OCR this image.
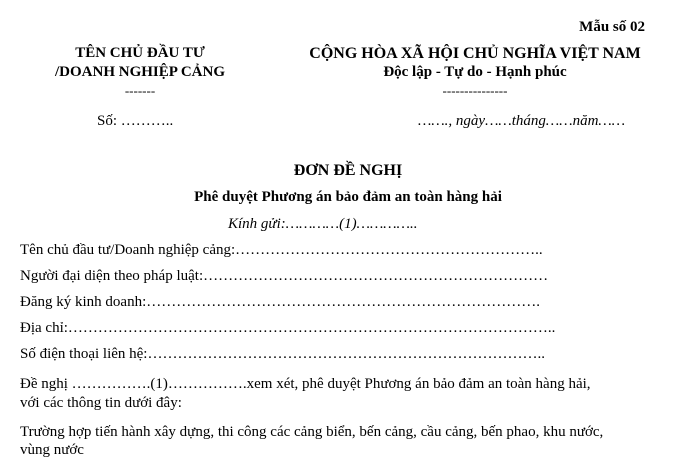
Mẫu số 02
TÊN CHỦ ĐẦU TƯ
/DOANH NGHIỆP CẢNG
-------
CỘNG HÒA XÃ HỘI CHỦ NGHĨA VIỆT NAM
Độc lập - Tự do - Hạnh phúc
---------------
Số: ………..	……., ngày……tháng……năm……
ĐƠN ĐỀ NGHỊ
Phê duyệt Phương án bảo đảm an toàn hàng hải
Kính gửi:…………(1)…………..
Tên chủ đầu tư/Doanh nghiệp cảng:……………………………………………………..
Người đại diện theo pháp luật:……………………………………………………………
Đăng ký kinh doanh:…………………………………………………………………….
Địa chỉ:……………………………………………………………………………………..
Số điện thoại liên hệ:……………………………………………………………………..
Đề nghị …………….(1)…………….xem xét, phê duyệt Phương án bảo đảm an toàn hàng hải,
với các thông tin dưới đây:
Trường hợp tiến hành xây dựng, thi công các cảng biển, bến cảng, cầu cảng, bến phao, khu nước,
vùng nước
